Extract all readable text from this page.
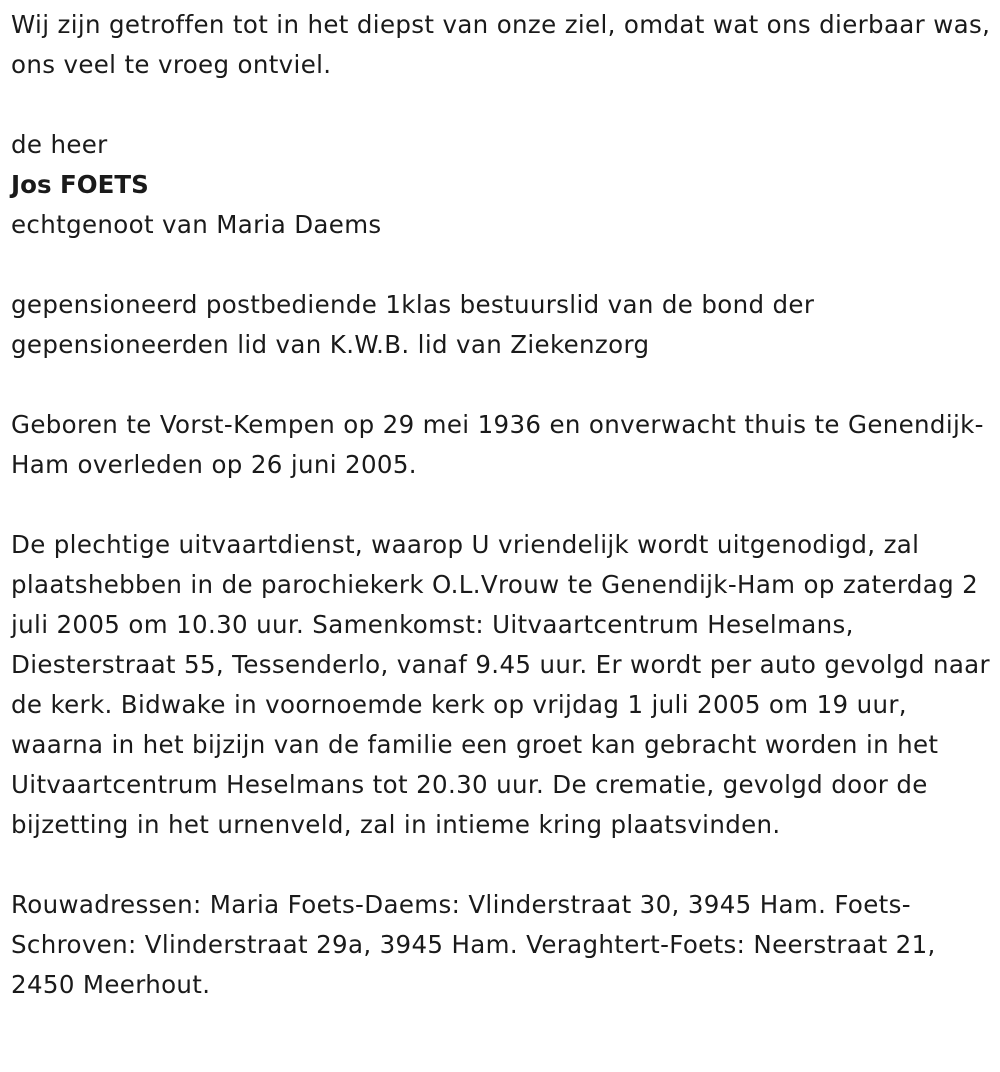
Wij zijn getroffen tot in het diepst van onze ziel, omdat wat ons dierbaar was, ons veel te vroeg ontviel.

de heer

Jos FOETS

echtgenoot van Maria Daems

gepensioneerd postbediende 1klas bestuurslid van de bond der gepensioneerden lid van K.W.B. lid van Ziekenzorg

Geboren te Vorst-Kempen op 29 mei 1936 en onverwacht thuis te Genendijk-Ham overleden op 26 juni 2005.

De plechtige uitvaartdienst, waarop U vriendelijk wordt uitgenodigd, zal plaatshebben in de parochiekerk O.L.Vrouw te Genendijk-Ham op zaterdag 2 juli 2005 om 10.30 uur. Samenkomst: Uitvaartcentrum Heselmans, Diesterstraat 55, Tessenderlo, vanaf 9.45 uur. Er wordt per auto gevolgd naar de kerk. Bidwake in voornoemde kerk op vrijdag 1 juli 2005 om 19 uur, waarna in het bijzijn van de familie een groet kan gebracht worden in het Uitvaartcentrum Heselmans tot 20.30 uur. De crematie, gevolgd door de bijzetting in het urnenveld, zal in intieme kring plaatsvinden.

Rouwadressen: Maria Foets-Daems: Vlinderstraat 30, 3945 Ham. Foets-Schroven: Vlinderstraat 29a, 3945 Ham. Veraghtert-Foets: Neerstraat 21, 2450 Meerhout.
